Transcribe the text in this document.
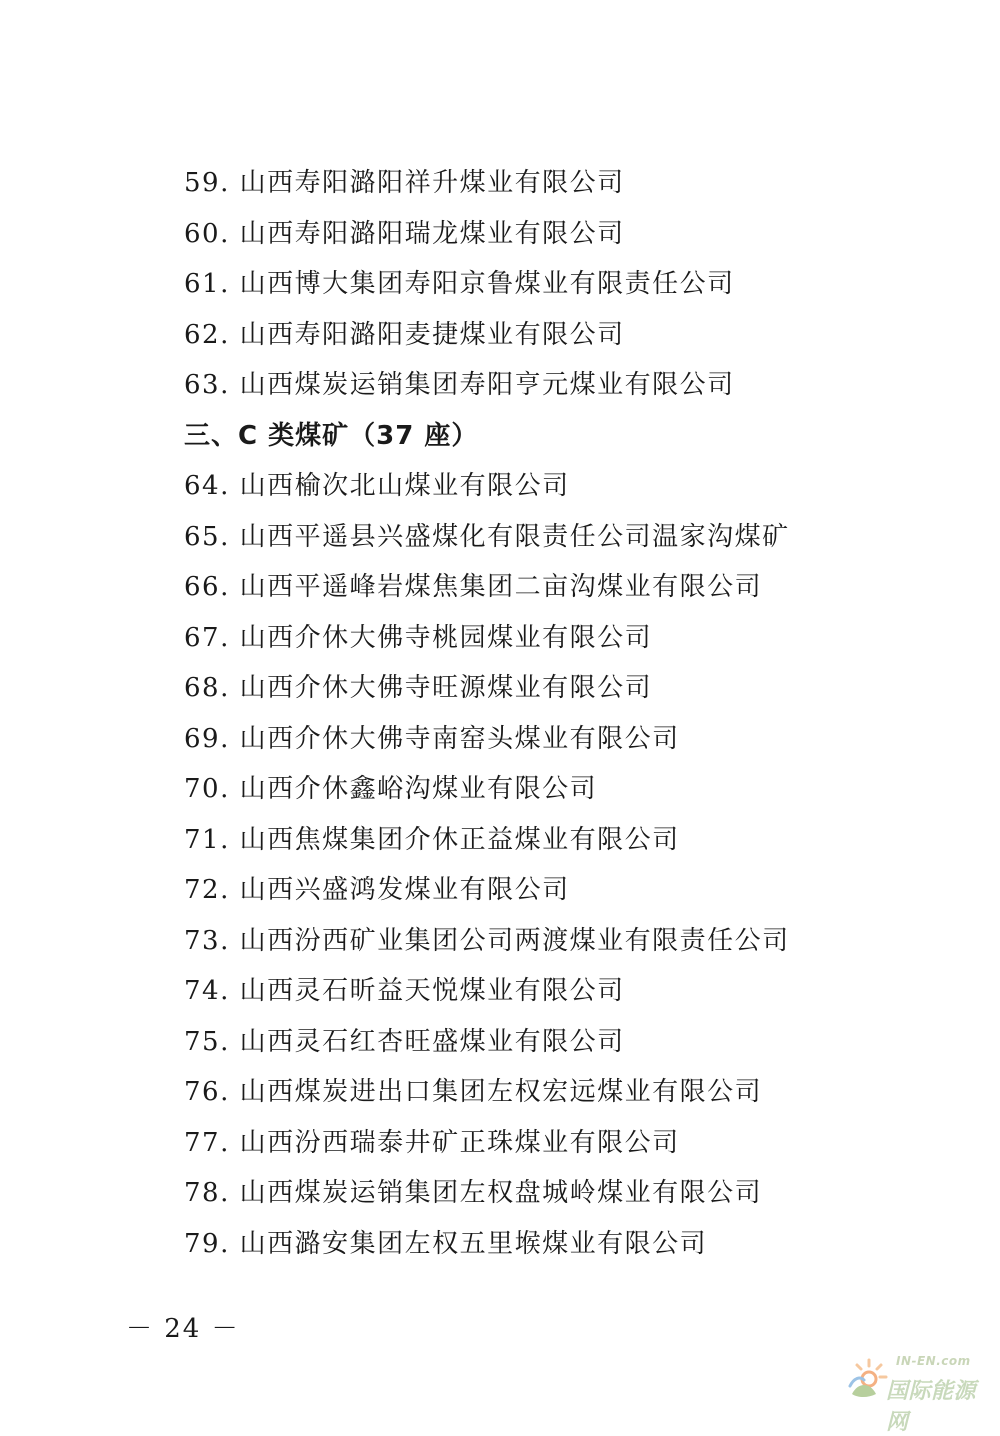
59. 山西寿阳潞阳祥升煤业有限公司
60. 山西寿阳潞阳瑞龙煤业有限公司
61. 山西博大集团寿阳京鲁煤业有限责任公司
62. 山西寿阳潞阳麦捷煤业有限公司
63. 山西煤炭运销集团寿阳亨元煤业有限公司
三、C 类煤矿（37 座）
64. 山西榆次北山煤业有限公司
65. 山西平遥县兴盛煤化有限责任公司温家沟煤矿
66. 山西平遥峰岩煤焦集团二亩沟煤业有限公司
67. 山西介休大佛寺桃园煤业有限公司
68. 山西介休大佛寺旺源煤业有限公司
69. 山西介休大佛寺南窑头煤业有限公司
70. 山西介休鑫峪沟煤业有限公司
71. 山西焦煤集团介休正益煤业有限公司
72. 山西兴盛鸿发煤业有限公司
73. 山西汾西矿业集团公司两渡煤业有限责任公司
74. 山西灵石昕益天悦煤业有限公司
75. 山西灵石红杏旺盛煤业有限公司
76. 山西煤炭进出口集团左权宏远煤业有限公司
77. 山西汾西瑞泰井矿正珠煤业有限公司
78. 山西煤炭运销集团左权盘城岭煤业有限公司
79. 山西潞安集团左权五里堠煤业有限公司
－ 24 －
IN-EN.com
国际能源网
